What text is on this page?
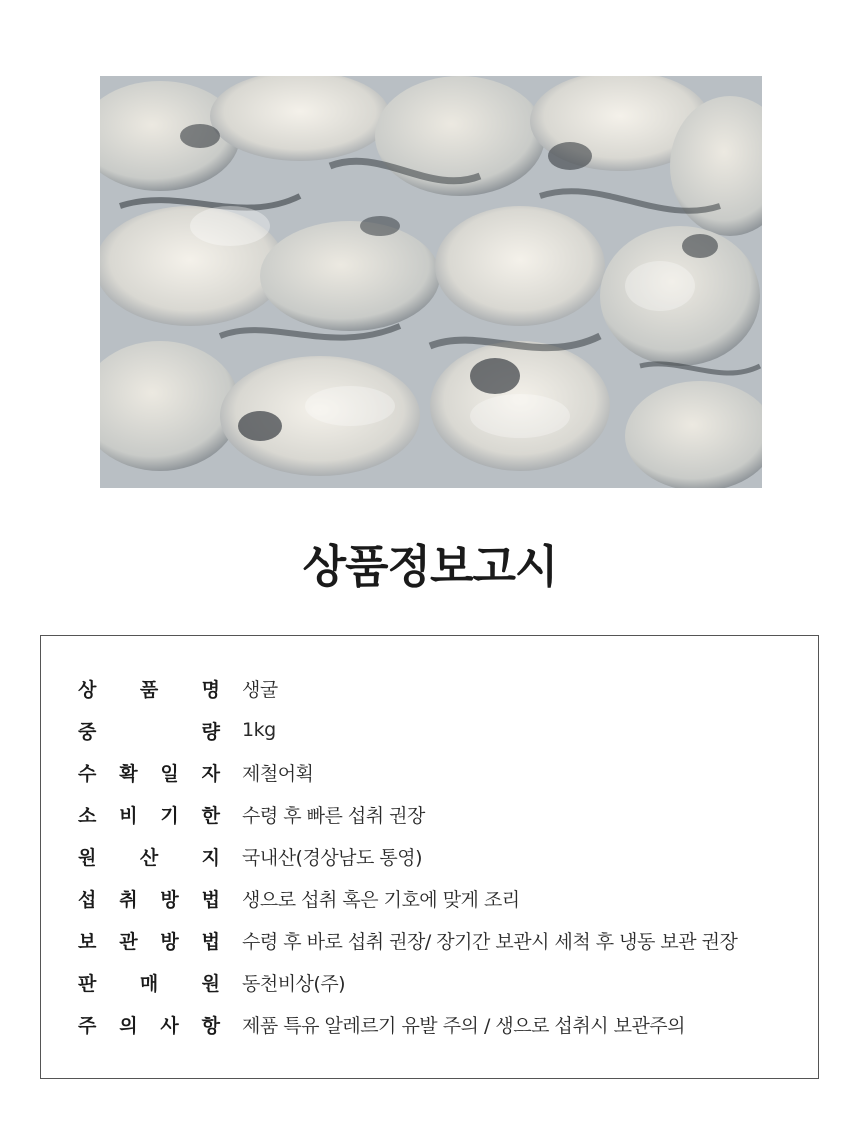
상품정보고시
상 품 명 생굴
중	량 1kg
수 확 일 자 제철어획
소 비 기 한 수령 후 빠른 섭취 권장
원 산 지 국내산(경상남도 통영)
섭 취 방 법 생으로 섭취 혹은 기호에 맞게 조리
보 관 방 법 수령 후 바로 섭취 권장/ 장기간 보관시 세척 후 냉동 보관 권장
판 매 원 동천비상(주)
주 의 사 항 제품 특유 알레르기 유발 주의 / 생으로 섭취시 보관주의
